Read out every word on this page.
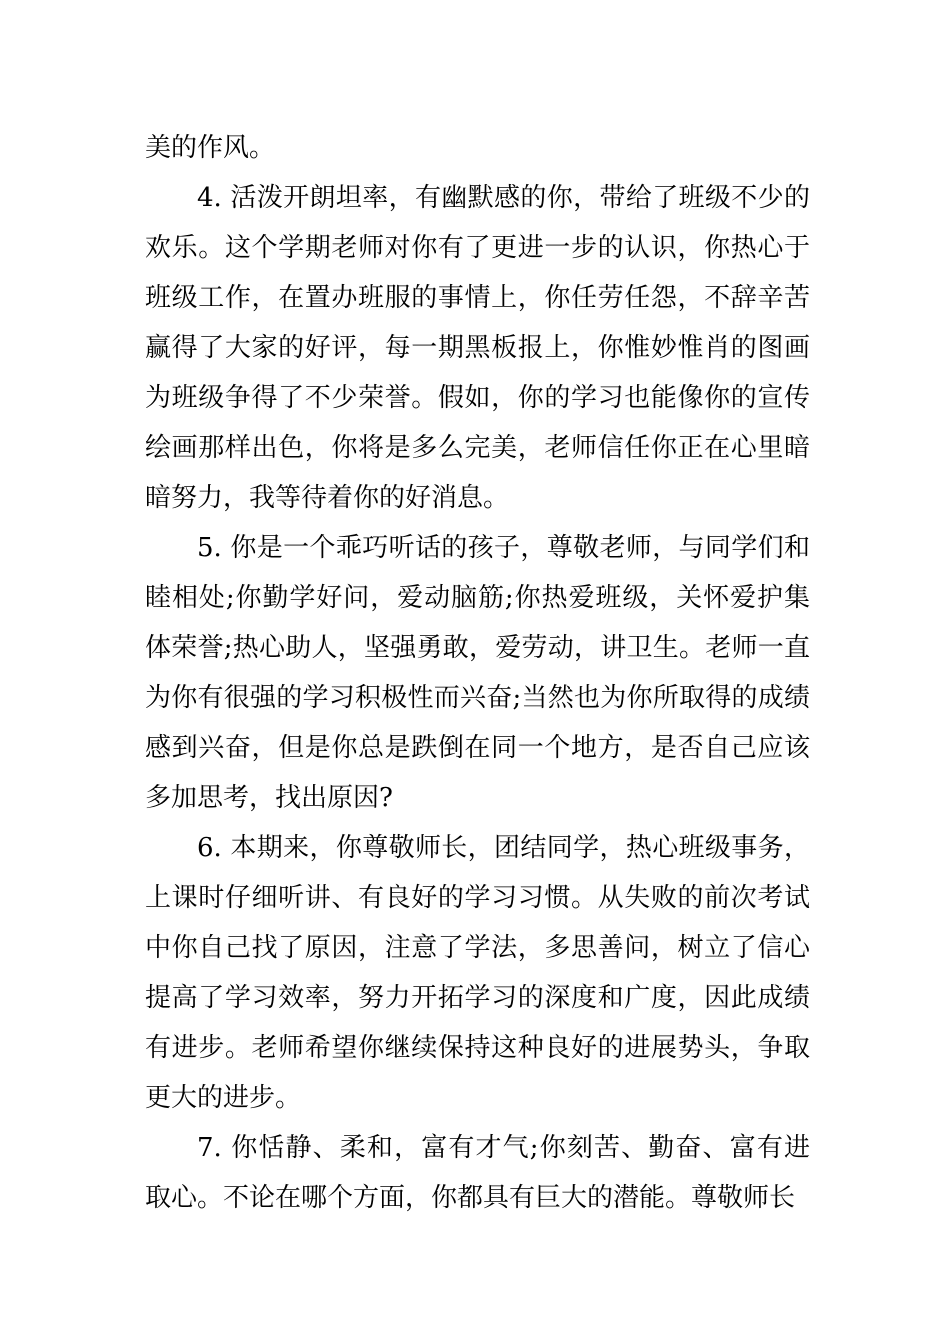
美的作风。

4. 活泼开朗坦率，有幽默感的你，带给了班级不少的欢乐。这个学期老师对你有了更进一步的认识，你热心于班级工作，在置办班服的事情上，你任劳任怨，不辞辛苦赢得了大家的好评，每一期黑板报上，你惟妙惟肖的图画为班级争得了不少荣誉。假如，你的学习也能像你的宣传绘画那样出色，你将是多么完美，老师信任你正在心里暗暗努力，我等待着你的好消息。

5. 你是一个乖巧听话的孩子，尊敬老师，与同学们和睦相处;你勤学好问，爱动脑筋;你热爱班级，关怀爱护集体荣誉;热心助人，坚强勇敢，爱劳动，讲卫生。老师一直为你有很强的学习积极性而兴奋;当然也为你所取得的成绩感到兴奋，但是你总是跌倒在同一个地方，是否自己应该多加思考，找出原因?

6. 本期来，你尊敬师长，团结同学，热心班级事务，上课时仔细听讲、有良好的学习习惯。从失败的前次考试中你自己找了原因，注意了学法，多思善问，树立了信心提高了学习效率，努力开拓学习的深度和广度，因此成绩有进步。老师希望你继续保持这种良好的进展势头，争取更大的进步。

7. 你恬静、柔和，富有才气;你刻苦、勤奋、富有进取心。不论在哪个方面，你都具有巨大的潜能。尊敬师长
